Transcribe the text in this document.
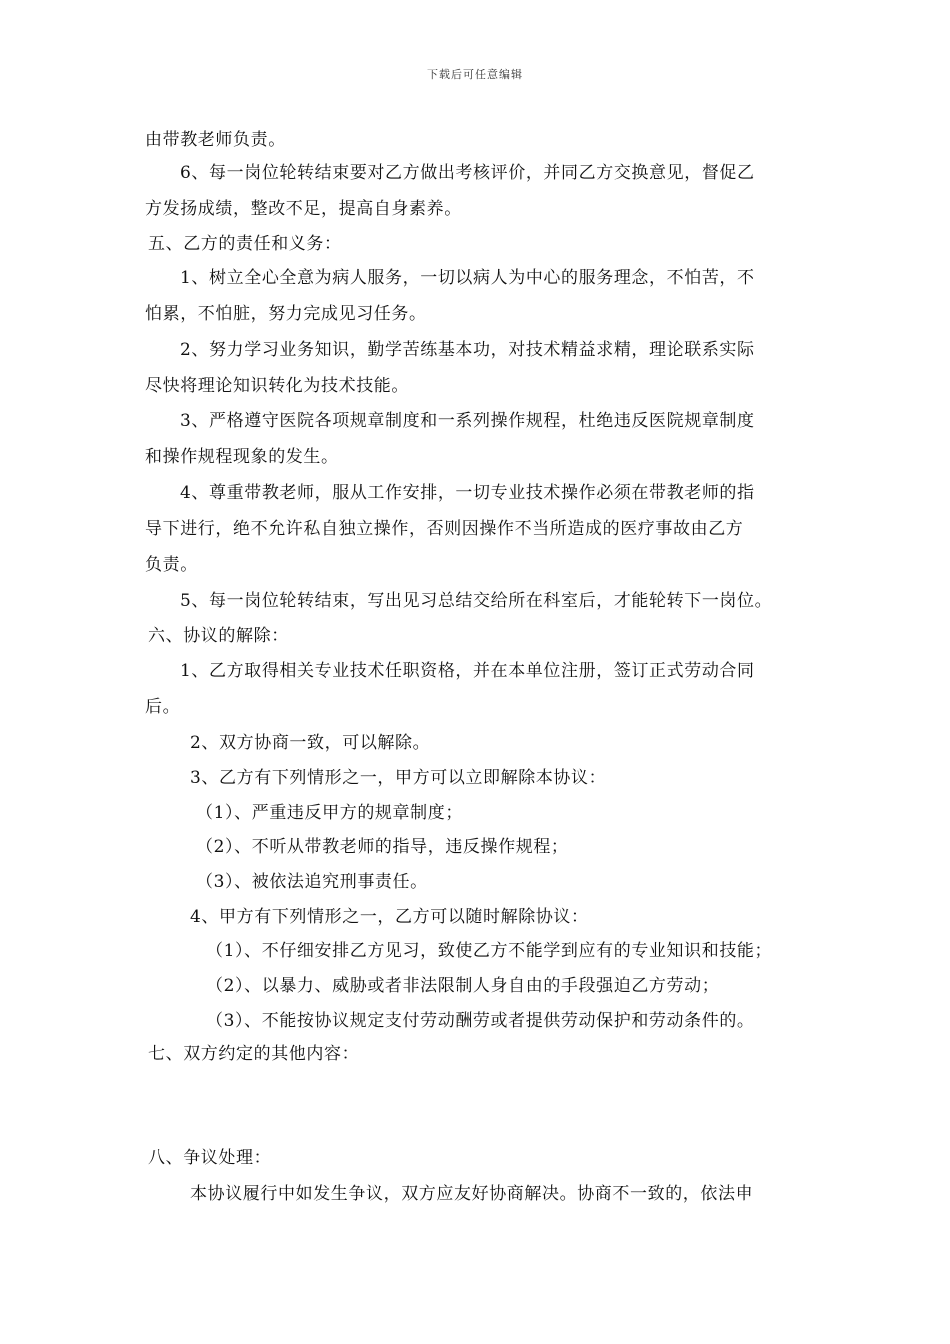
下载后可任意编辑
由带教老师负责。
6、每一岗位轮转结束要对乙方做出考核评价，并同乙方交换意见，督促乙
方发扬成绩，整改不足，提高自身素养。
五、乙方的责任和义务：
1、树立全心全意为病人服务，一切以病人为中心的服务理念，不怕苦，不
怕累，不怕脏，努力完成见习任务。
2、努力学习业务知识，勤学苦练基本功，对技术精益求精，理论联系实际
尽快将理论知识转化为技术技能。
3、严格遵守医院各项规章制度和一系列操作规程，杜绝违反医院规章制度
和操作规程现象的发生。
4、尊重带教老师，服从工作安排，一切专业技术操作必须在带教老师的指
导下进行，绝不允许私自独立操作，否则因操作不当所造成的医疗事故由乙方
负责。
5、每一岗位轮转结束，写出见习总结交给所在科室后，才能轮转下一岗位。
六、协议的解除：
1、乙方取得相关专业技术任职资格，并在本单位注册，签订正式劳动合同
后。
2、双方协商一致，可以解除。
3、乙方有下列情形之一，甲方可以立即解除本协议：
（1）、严重违反甲方的规章制度；
（2）、不听从带教老师的指导，违反操作规程；
（3）、被依法追究刑事责任。
4、甲方有下列情形之一，乙方可以随时解除协议：
（1）、不仔细安排乙方见习，致使乙方不能学到应有的专业知识和技能；
（2）、以暴力、威胁或者非法限制人身自由的手段强迫乙方劳动；
（3）、不能按协议规定支付劳动酬劳或者提供劳动保护和劳动条件的。
七、双方约定的其他内容：
八、争议处理：
本协议履行中如发生争议，双方应友好协商解决。协商不一致的，依法申
